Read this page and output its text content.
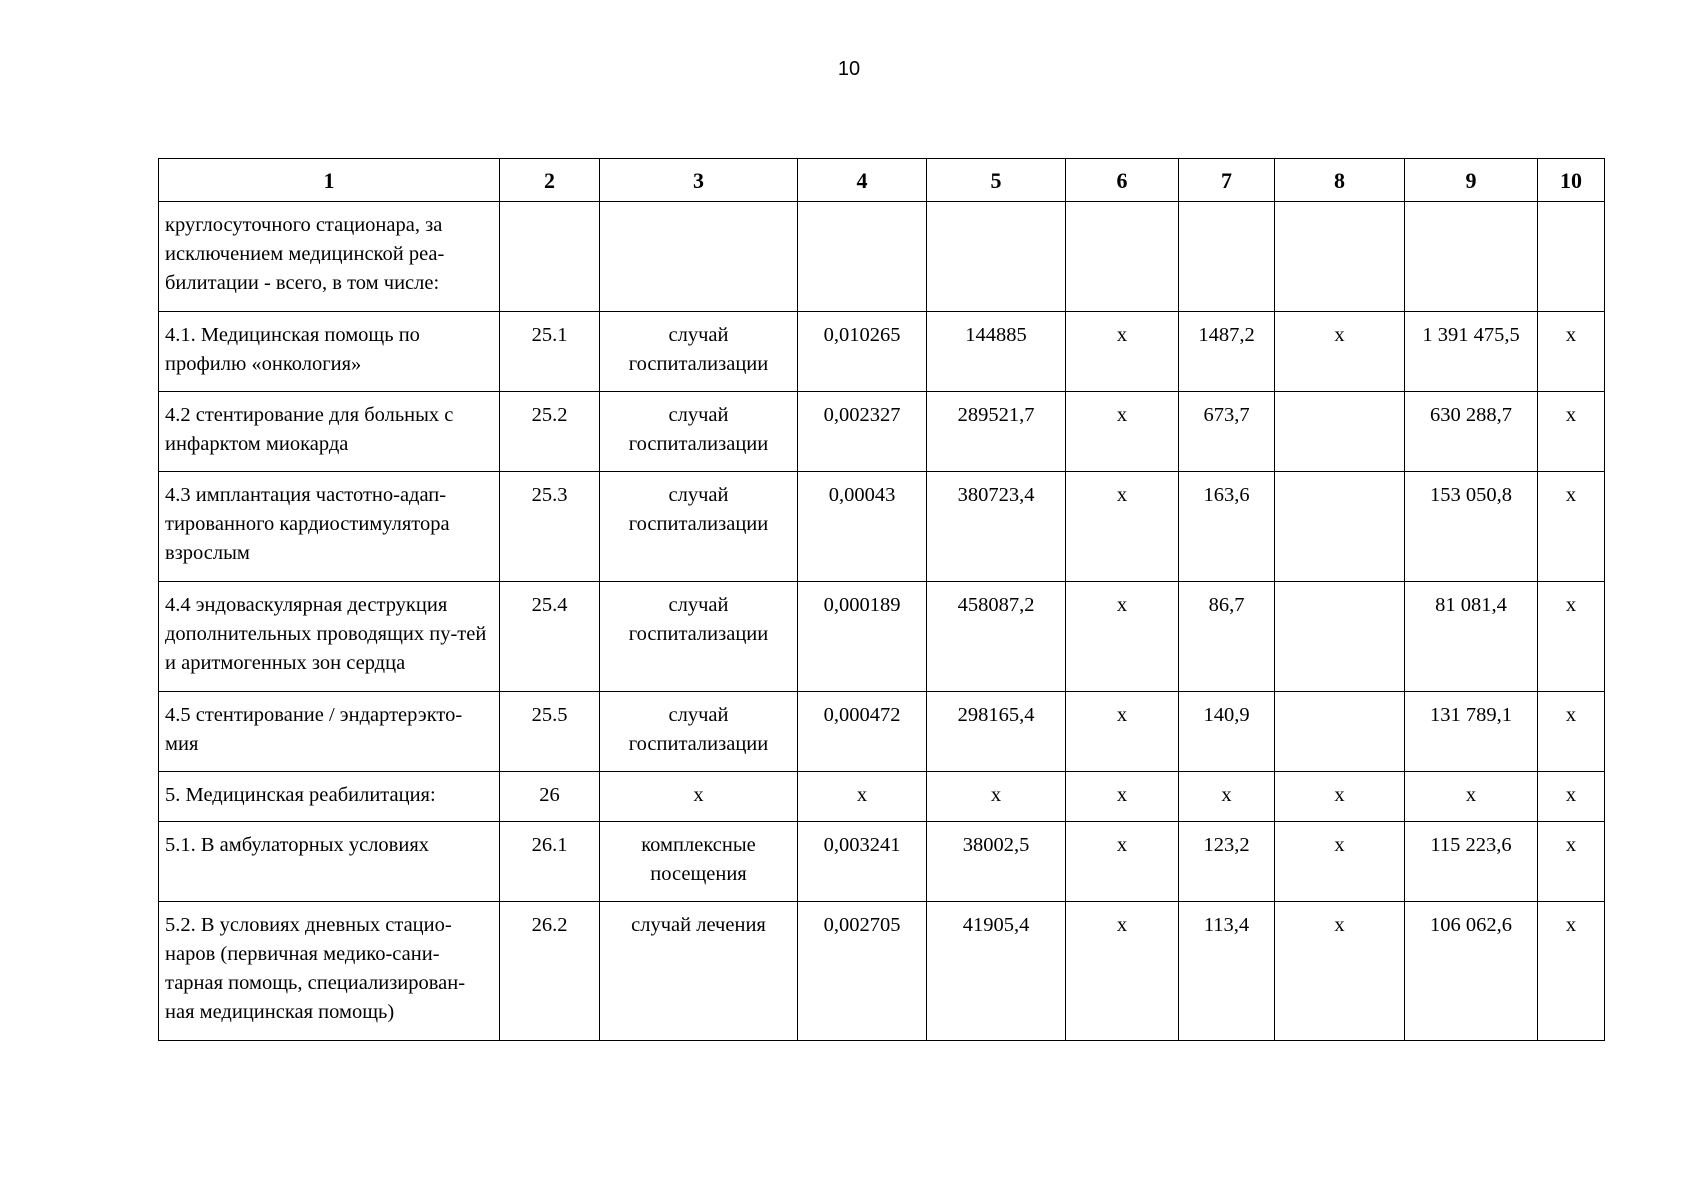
10
1	2	3	4	5	6	7	8	9	10
круглосуточного стационара, за исключением медицинской реа-билитации - всего, в том числе:									
4.1. Медицинская помощь по профилю «онкология»	25.1	случай госпитализации	0,010265	144885	х	1487,2	х	1 391 475,5	х
4.2 стентирование для больных с инфарктом миокарда	25.2	случай госпитализации	0,002327	289521,7	х	673,7		630 288,7	х
4.3 имплантация частотно-адап-тированного кардиостимулятора взрослым	25.3	случай госпитализации	0,00043	380723,4	х	163,6		153 050,8	х
4.4 эндоваскулярная деструкция дополнительных проводящих пу-тей и аритмогенных зон сердца	25.4	случай госпитализации	0,000189	458087,2	х	86,7		81 081,4	х
4.5 стентирование / эндартерэкто-мия	25.5	случай госпитализации	0,000472	298165,4	х	140,9		131 789,1	х
5. Медицинская реабилитация:	26	х	х	х	х	х	х	х	х
5.1. В амбулаторных условиях	26.1	комплексные посещения	0,003241	38002,5	х	123,2	х	115 223,6	х
5.2. В условиях дневных стацио-наров (первичная медико-сани-тарная помощь, специализирован-ная медицинская помощь)	26.2	случай лечения	0,002705	41905,4	х	113,4	х	106 062,6	х
